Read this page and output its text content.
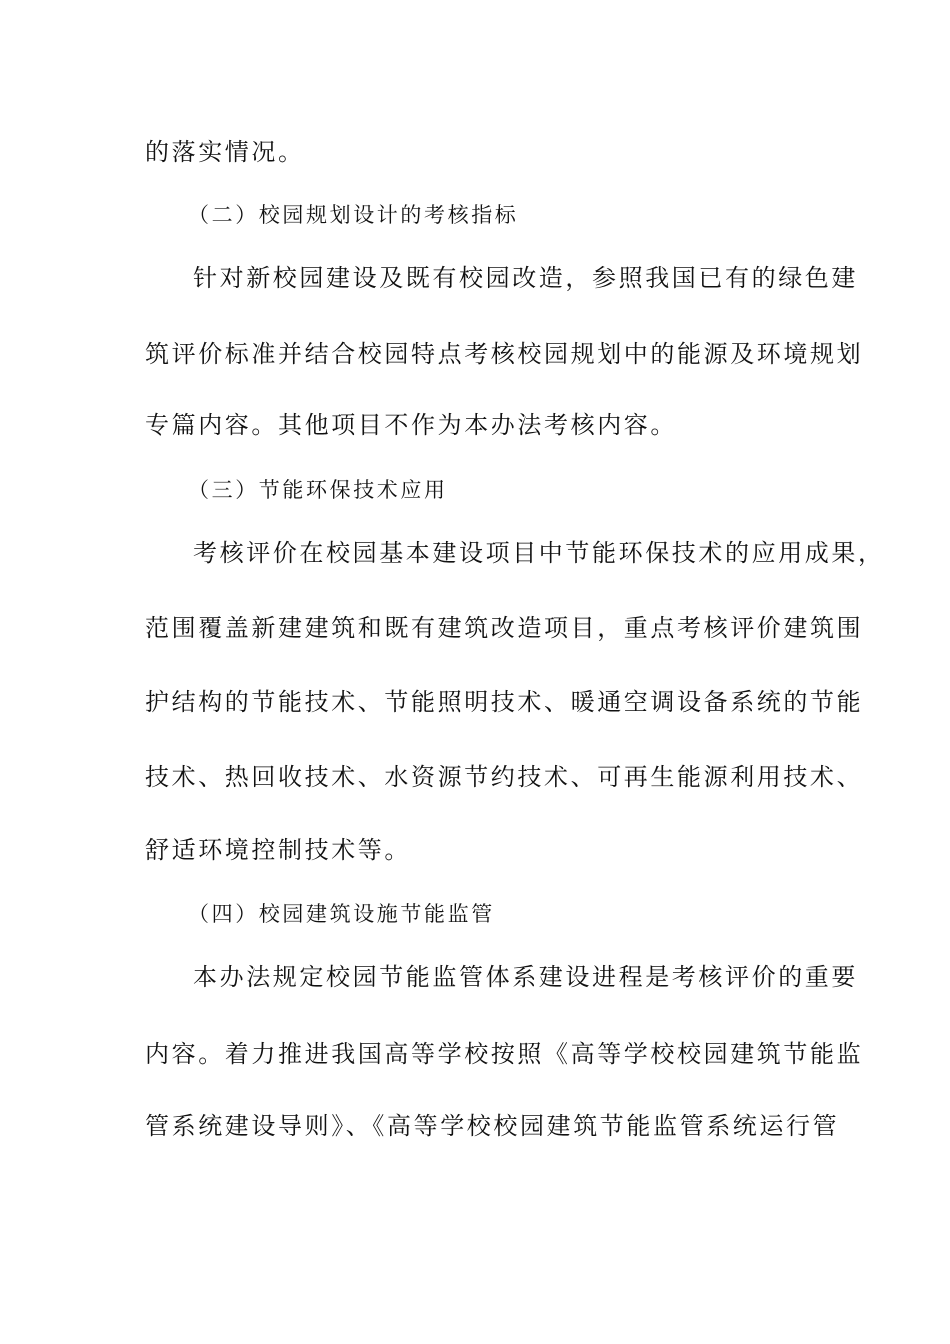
的落实情况。
（二）校园规划设计的考核指标
针对新校园建设及既有校园改造，参照我国已有的绿色建
筑评价标准并结合校园特点考核校园规划中的能源及环境规划
专篇内容。其他项目不作为本办法考核内容。
（三）节能环保技术应用
考核评价在校园基本建设项目中节能环保技术的应用成果，
范围覆盖新建建筑和既有建筑改造项目，重点考核评价建筑围
护结构的节能技术、节能照明技术、暖通空调设备系统的节能
技术、热回收技术、水资源节约技术、可再生能源利用技术、
舒适环境控制技术等。
（四）校园建筑设施节能监管
本办法规定校园节能监管体系建设进程是考核评价的重要
内容。着力推进我国高等学校按照《高等学校校园建筑节能监
管系统建设导则》、《高等学校校园建筑节能监管系统运行管
